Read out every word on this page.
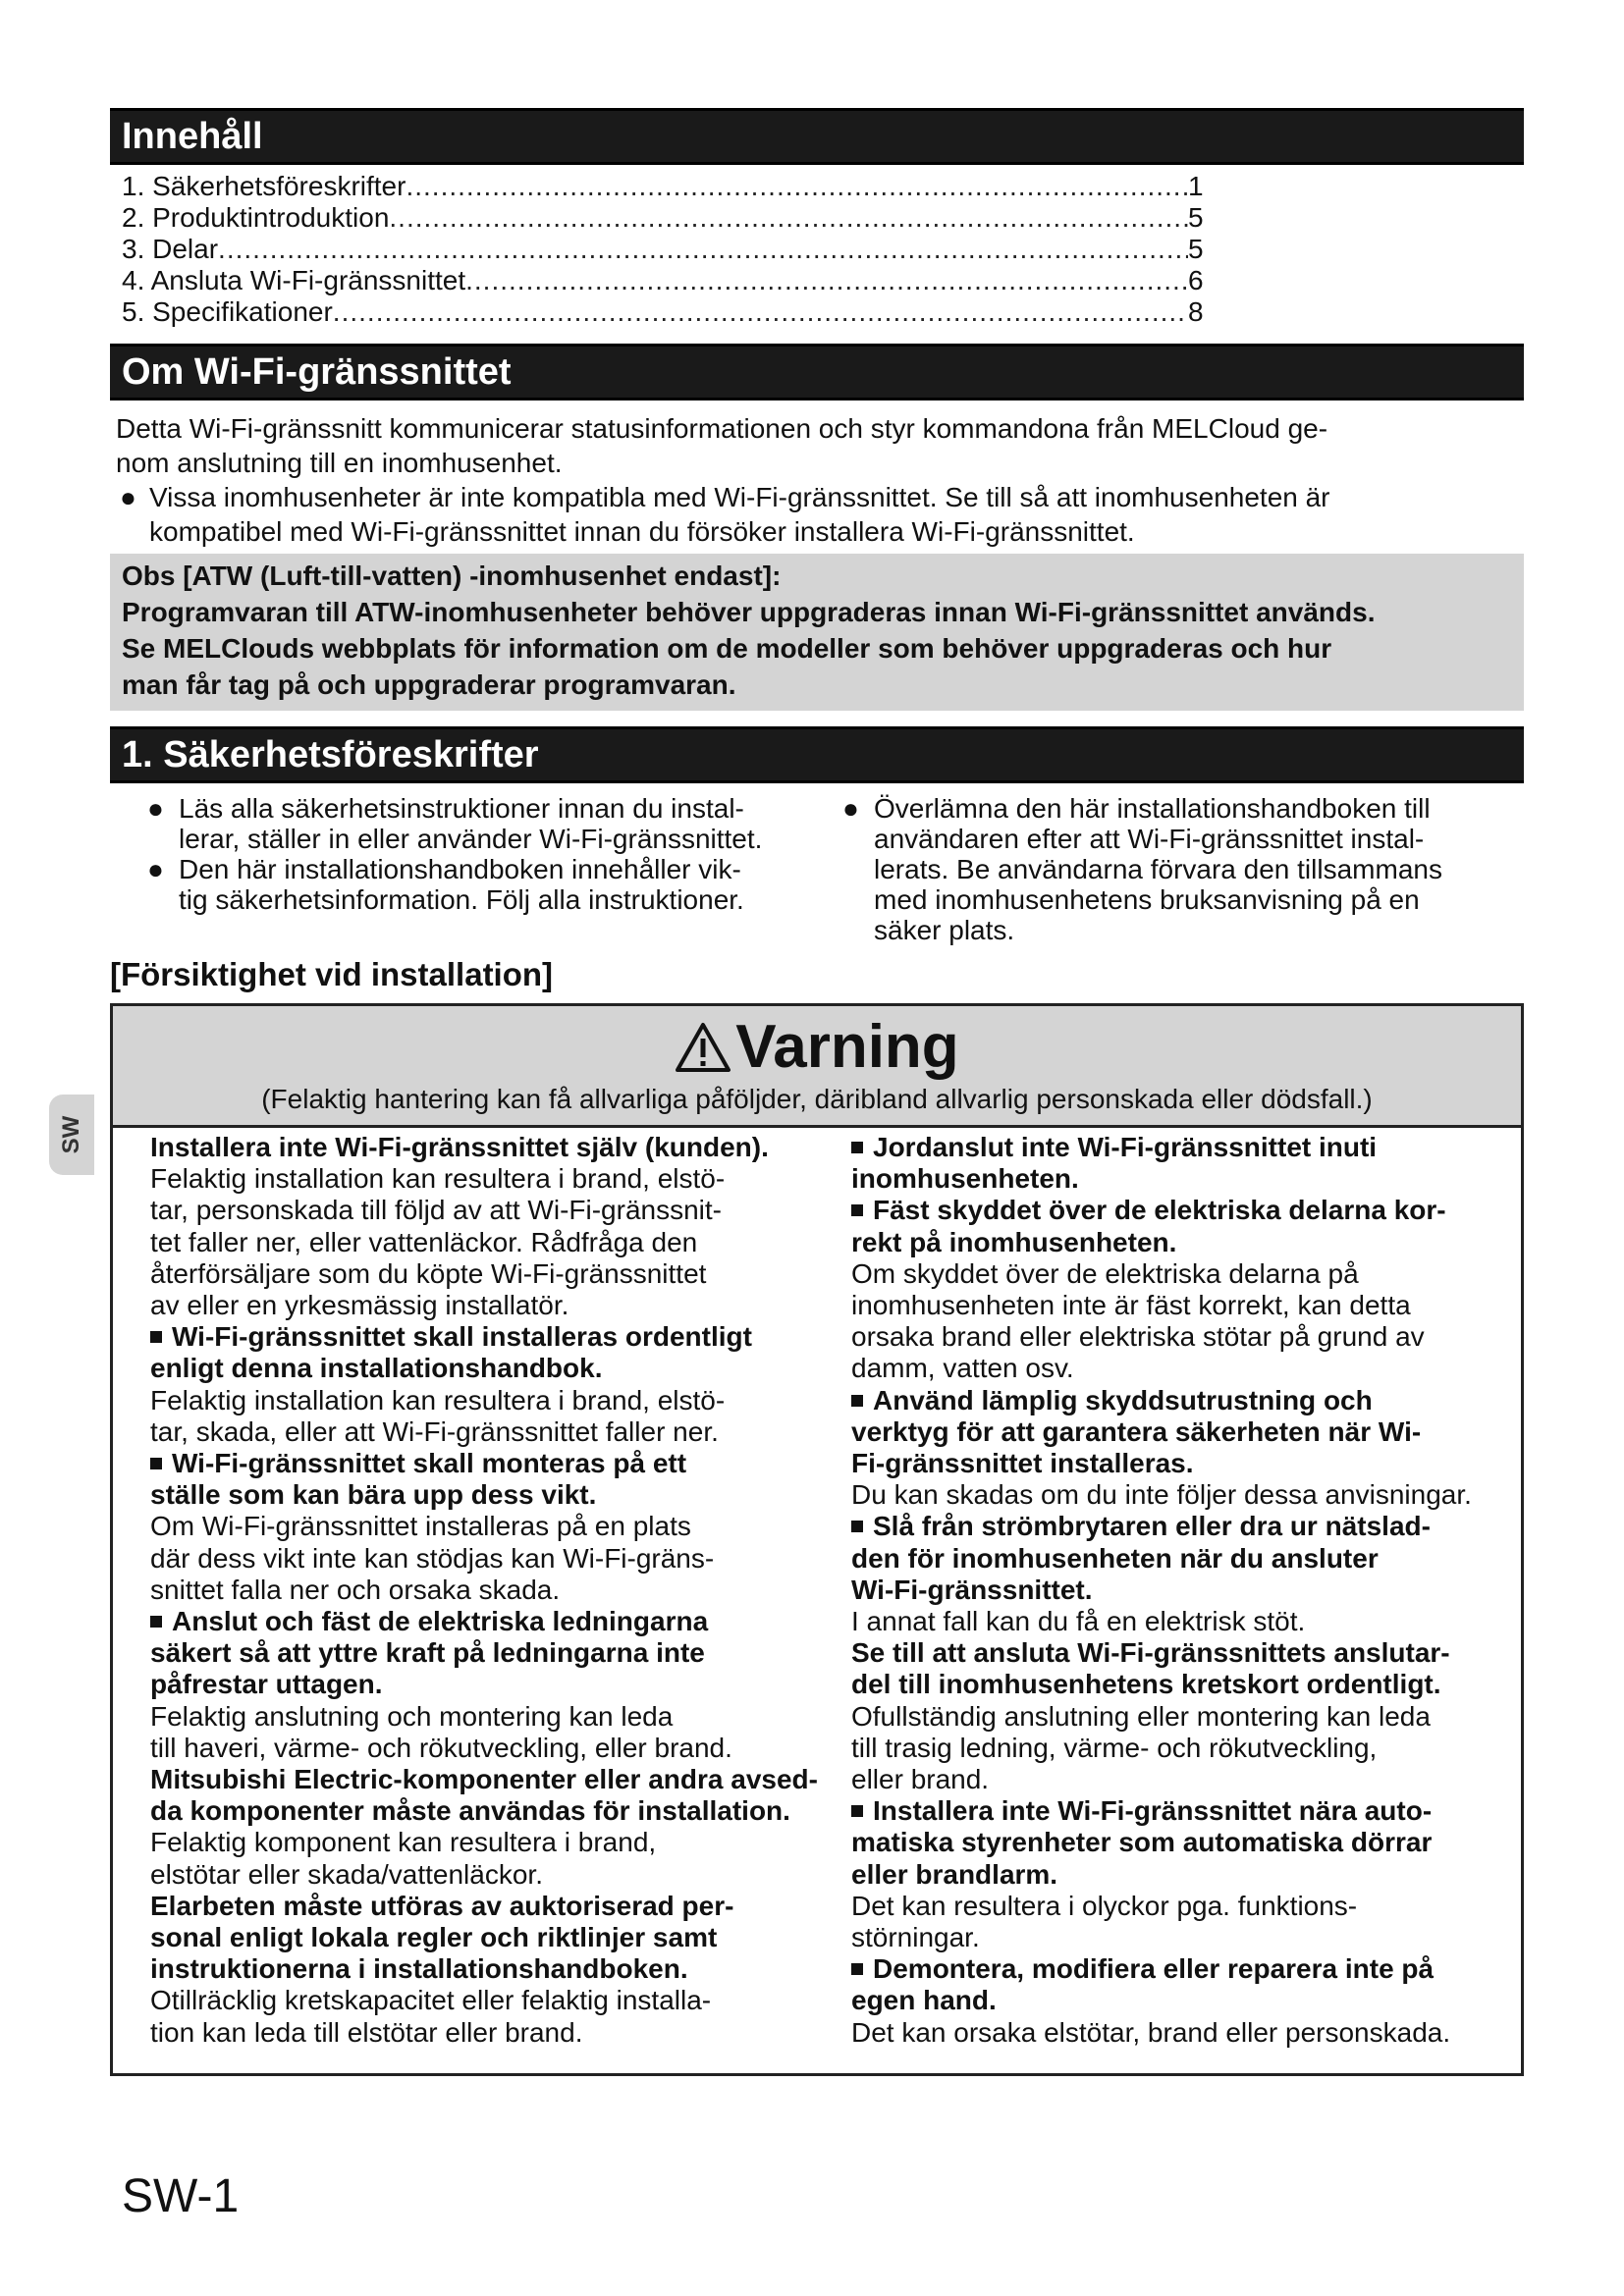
Innehåll
1. Säkerhetsföreskrifter .....	1
2. Produktintroduktion .....	5
3. Delar .....	5
4. Ansluta Wi-Fi-gränssnittet .....	6
5. Specifikationer .....	8
Om Wi-Fi-gränssnittet
Detta Wi-Fi-gränssnitt kommunicerar statusinformationen och styr kommandona från MELCloud ge-
nom anslutning till en inomhusenhet.
● Vissa inomhusenheter är inte kompatibla med Wi-Fi-gränssnittet. Se till så att inomhusenheten är
kompatibel med Wi-Fi-gränssnittet innan du försöker installera Wi-Fi-gränssnittet.
Obs [ATW (Luft-till-vatten) -inomhusenhet endast]:
Programvaran till ATW-inomhusenheter behöver uppgraderas innan Wi-Fi-gränssnittet används.
Se MELClouds webbplats för information om de modeller som behöver uppgraderas och hur
man får tag på och uppgraderar programvaran.
1. Säkerhetsföreskrifter
● Läs alla säkerhetsinstruktioner innan du instal-
lerar, ställer in eller använder Wi-Fi-gränssnittet.
● Den här installationshandboken innehåller vik-
tig säkerhetsinformation. Följ alla instruktioner.
● Överlämna den här installationshandboken till
användaren efter att Wi-Fi-gränssnittet instal-
lerats. Be användarna förvara den tillsammans
med inomhusenhetens bruksanvisning på en
säker plats.
[Försiktighet vid installation]
Varning
(Felaktig hantering kan få allvarliga påföljder, däribland allvarlig personskada eller dödsfall.)
Installera inte Wi-Fi-gränssnittet själv (kunden).
Felaktig installation kan resultera i brand, elstö-
tar, personskada till följd av att Wi-Fi-gränssnit-
tet faller ner, eller vattenläckor. Rådfråga den
återförsäljare som du köpte Wi-Fi-gränssnittet
av eller en yrkesmässig installatör.
Wi-Fi-gränssnittet skall installeras ordentligt
enligt denna installationshandbok.
Felaktig installation kan resultera i brand, elstö-
tar, skada, eller att Wi-Fi-gränssnittet faller ner.
Wi-Fi-gränssnittet skall monteras på ett
ställe som kan bära upp dess vikt.
Om Wi-Fi-gränssnittet installeras på en plats
där dess vikt inte kan stödjas kan Wi-Fi-gräns-
snittet falla ner och orsaka skada.
Anslut och fäst de elektriska ledningarna
säkert så att yttre kraft på ledningarna inte
påfrestar uttagen.
Felaktig anslutning och montering kan leda
till haveri, värme- och rökutveckling, eller brand.
Mitsubishi Electric-komponenter eller andra avsed-
da komponenter måste användas för installation.
Felaktig komponent kan resultera i brand,
elstötar eller skada/vattenläckor.
Elarbeten måste utföras av auktoriserad per-
sonal enligt lokala regler och riktlinjer samt
instruktionerna i installationshandboken.
Otillräcklig kretskapacitet eller felaktig installa-
tion kan leda till elstötar eller brand.
Jordanslut inte Wi-Fi-gränssnittet inuti
inomhusenheten.
Fäst skyddet över de elektriska delarna kor-
rekt på inomhusenheten.
Om skyddet över de elektriska delarna på
inomhusenheten inte är fäst korrekt, kan detta
orsaka brand eller elektriska stötar på grund av
damm, vatten osv.
Använd lämplig skyddsutrustning och
verktyg för att garantera säkerheten när Wi-
Fi-gränssnittet installeras.
Du kan skadas om du inte följer dessa anvisningar.
Slå från strömbrytaren eller dra ur nätslad-
den för inomhusenheten när du ansluter
Wi-Fi-gränssnittet.
I annat fall kan du få en elektrisk stöt.
Se till att ansluta Wi-Fi-gränssnittets anslutar-
del till inomhusenhetens kretskort ordentligt.
Ofullständig anslutning eller montering kan leda
till trasig ledning, värme- och rökutveckling,
eller brand.
Installera inte Wi-Fi-gränssnittet nära auto-
matiska styrenheter som automatiska dörrar
eller brandlarm.
Det kan resultera i olyckor pga. funktions-
störningar.
Demontera, modifiera eller reparera inte på
egen hand.
Det kan orsaka elstötar, brand eller personskada.
SW
SW-1
